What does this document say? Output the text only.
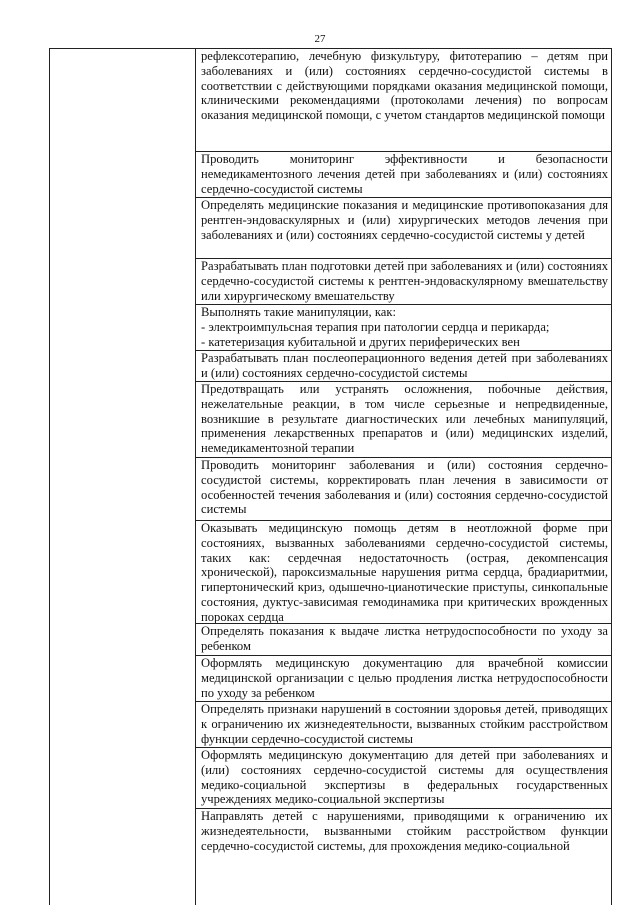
27
рефлексотерапию, лечебную физкультуру, фитотерапию – детям при заболеваниях и (или) состояниях сердечно-сосудистой системы в соответствии с действующими порядками оказания медицинской помощи, клиническими рекомендациями (протоколами лечения) по вопросам оказания медицинской помощи, с учетом стандартов медицинской помощи
Проводить мониторинг эффективности и безопасности немедикаментозного лечения детей при заболеваниях и (или) состояниях сердечно-сосудистой системы
Определять медицинские показания и медицинские противопоказания для рентген-эндоваскулярных и (или) хирургических методов лечения при заболеваниях и (или) состояниях сердечно-сосудистой системы у детей
Разрабатывать план подготовки детей при заболеваниях и (или) состояниях сердечно-сосудистой системы к рентген-эндоваскулярному вмешательству или хирургическому вмешательству
Выполнять такие манипуляции, как:
- электроимпульсная терапия при патологии сердца и перикарда;
- катетеризация кубитальной и других периферических вен
Разрабатывать план послеоперационного ведения детей при заболеваниях и (или) состояниях сердечно-сосудистой системы
Предотвращать или устранять осложнения, побочные действия, нежелательные реакции, в том числе серьезные и непредвиденные, возникшие в результате диагностических или лечебных манипуляций, применения лекарственных препаратов и (или) медицинских изделий, немедикаментозной терапии
Проводить мониторинг заболевания и (или) состояния сердечно-сосудистой системы, корректировать план лечения в зависимости от особенностей течения заболевания и (или) состояния сердечно-сосудистой системы
Оказывать медицинскую помощь детям в неотложной форме при состояниях, вызванных заболеваниями сердечно-сосудистой системы, таких как: сердечная недостаточность (острая, декомпенсация хронической), пароксизмальные нарушения ритма сердца, брадиаритмии, гипертонический криз, одышечно-цианотические приступы, синкопальные состояния, дуктус-зависимая гемодинамика при критических врожденных пороках сердца
Определять показания к выдаче листка нетрудоспособности по уходу за ребенком
Оформлять медицинскую документацию для врачебной комиссии медицинской организации с целью продления листка нетрудоспособности по уходу за ребенком
Определять признаки нарушений в состоянии здоровья детей, приводящих к ограничению их жизнедеятельности, вызванных стойким расстройством функции сердечно-сосудистой системы
Оформлять медицинскую документацию для детей при заболеваниях и (или) состояниях сердечно-сосудистой системы для осуществления медико-социальной экспертизы в федеральных государственных учреждениях медико-социальной экспертизы
Направлять детей с нарушениями, приводящими к ограничению их жизнедеятельности, вызванными стойким расстройством функции сердечно-сосудистой системы, для прохождения медико-социальной
